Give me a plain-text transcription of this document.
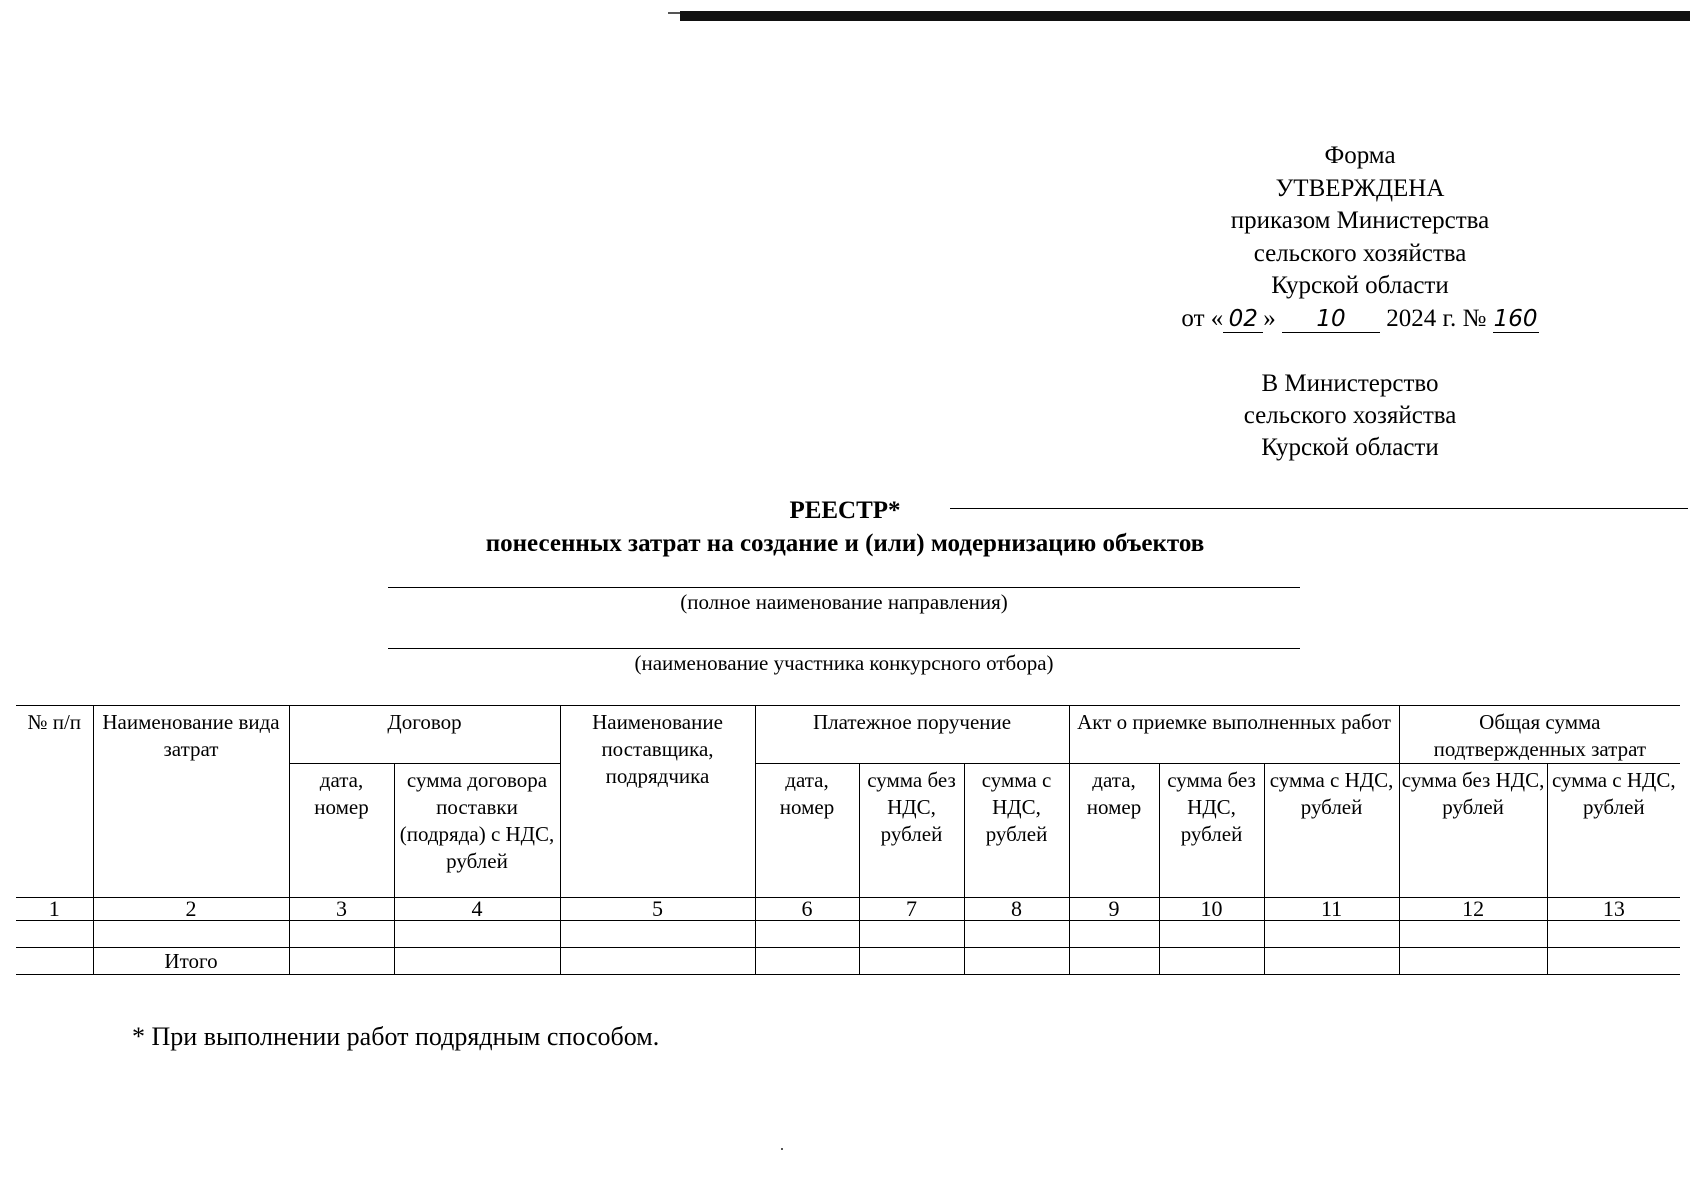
Форма
УТВЕРЖДЕНА
приказом Министерства
сельского хозяйства
Курской области
от « 02 » 10 2024 г. № 160
В Министерство
сельского хозяйства
Курской области
РЕЕСТР*
понесенных затрат на создание и (или) модернизацию объектов
(полное наименование направления)
(наименование участника конкурсного отбора)
№ п/п	Наименование вида затрат	Договор		Наименование поставщика, подрядчика	Платежное поручение			Акт о приемке выполненных работ			Общая сумма подтвержденных затрат	
		дата, номер	сумма договора поставки (подряда) с НДС, рублей		дата, номер	сумма без НДС, рублей	сумма с НДС, рублей	дата, номер	сумма без НДС, рублей	сумма с НДС, рублей	сумма без НДС, рублей	сумма с НДС, рублей
1	2	3	4	5	6	7	8	9	10	11	12	13

	Итого											
* При выполнении работ подрядным способом.
